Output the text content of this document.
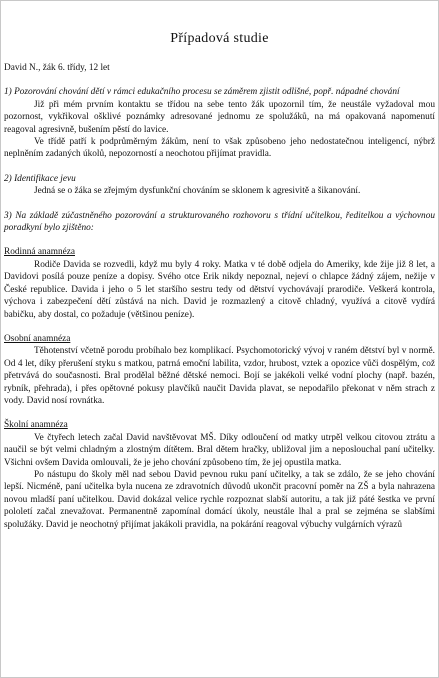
Případová studie

David N., žák 6. třídy, 12 let

1) Pozorování chování dětí v rámci edukačního procesu se záměrem zjistit odlišné, popř. nápadné chování

Již při mém prvním kontaktu se třídou na sebe tento žák upozornil tím, že neustále vyžadoval mou pozornost, vykřikoval ošklivé poznámky adresované jednomu ze spolužáků, na má opakovaná napomenutí reagoval agresivně, bušením pěstí do lavice.

Ve třídě patří k podprůměrným žákům, není to však způsobeno jeho nedostatečnou inteligencí, nýbrž neplněním zadaných úkolů, nepozorností a neochotou přijímat pravidla.

2) Identifikace jevu

Jedná se o žáka se zřejmým dysfunkční chováním se sklonem k agresivitě a šikanování.

3) Na základě zúčastněného pozorování a strukturovaného rozhovoru s třídní učitelkou, ředitelkou a výchovnou poradkyní bylo zjištěno:

Rodinná anamnéza

Rodiče Davida se rozvedli, když mu byly 4 roky. Matka v té době odjela do Ameriky, kde žije již 8 let, a Davidovi posílá pouze peníze a dopisy. Svého otce Erik nikdy nepoznal, nejeví o chlapce žádný zájem, nežije v České republice. Davida i jeho o 5 let staršího sestru tedy od dětství vychovávají prarodiče. Veškerá kontrola, výchova i zabezpečení dětí zůstává na nich. David je rozmazlený a citově chladný, využívá a citově vydírá babičku, aby dostal, co požaduje (většinou peníze).

Osobní anamnéza

Těhotenství včetně porodu probíhalo bez komplikací. Psychomotorický vývoj v raném dětství byl v normě. Od 4 let, díky přerušení styku s matkou, patrná emoční labilita, vzdor, hrubost, vztek a opozice vůči dospělým, což přetrvává do současnosti. Bral prodělal běžné dětské nemoci. Bojí se jakékoli velké vodní plochy (např. bazén, rybník, přehrada), i přes opětovné pokusy plavčíků naučit Davida plavat, se nepodařilo překonat v něm strach z vody. David nosí rovnátka.

Školní anamnéza

Ve čtyřech letech začal David navštěvovat MŠ. Díky odloučení od matky utrpěl velkou citovou ztrátu a naučil se být velmi chladným a zlostným dítětem. Bral dětem hračky, ubližoval jim a neposlouchal paní učitelky. Všichni ovšem Davida omlouvali, že je jeho chování způsobeno tím, že jej opustila matka.

Po nástupu do školy měl nad sebou David pevnou ruku paní učitelky, a tak se zdálo, že se jeho chování lepší. Nicméně, paní učitelka byla nucena ze zdravotních důvodů ukončit pracovní poměr na ZŠ a byla nahrazena novou mladší paní učitelkou. David dokázal velice rychle rozpoznat slabší autoritu, a tak již páté šestka ve první pololetí začal znevažovat. Permanentně zapomínal domácí úkoly, neustále lhal a pral se zejména se slabšími spolužáky. David je neochotný přijímat jakákoli pravidla, na pokárání reagoval výbuchy vulgárních výrazů
